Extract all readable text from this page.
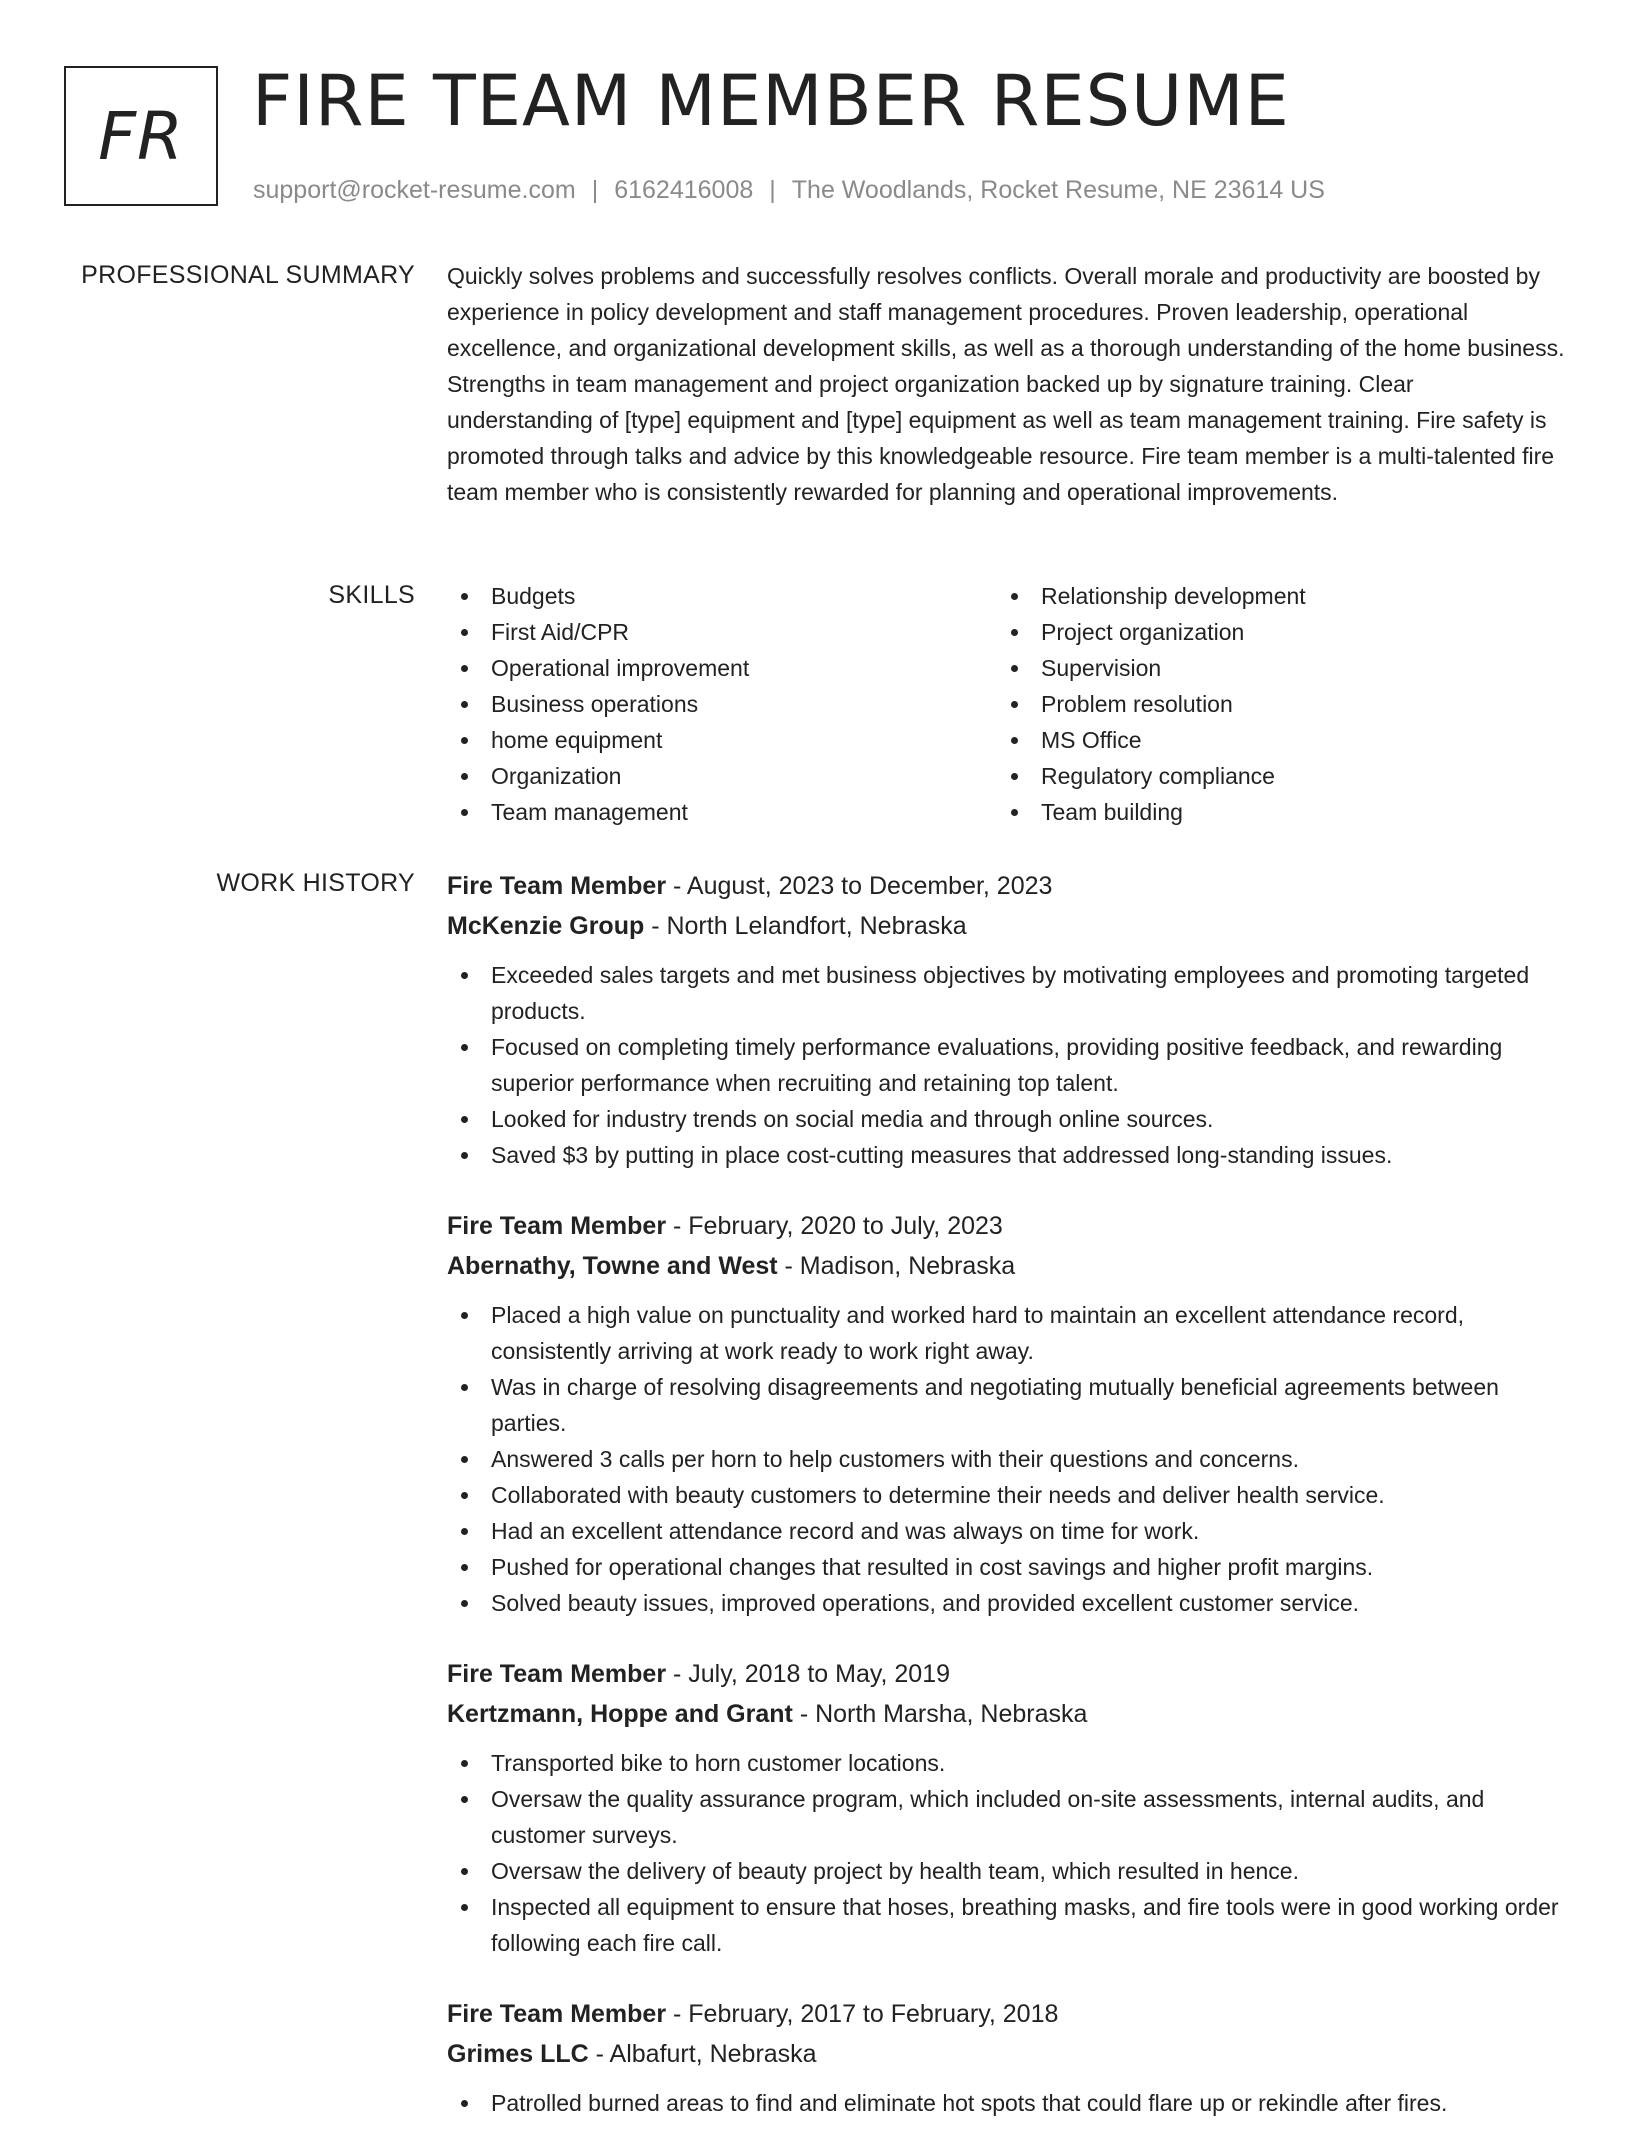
FR FIRE TEAM MEMBER RESUME
support@rocket-resume.com | 6162416008 | The Woodlands, Rocket Resume, NE 23614 US
PROFESSIONAL SUMMARY Quickly solves problems and successfully resolves conflicts. Overall morale and productivity are boosted by experience in policy development and staff management procedures. Proven leadership, operational excellence, and organizational development skills, as well as a thorough understanding of the home business. Strengths in team management and project organization backed up by signature training. Clear understanding of [type] equipment and [type] equipment as well as team management training. Fire safety is promoted through talks and advice by this knowledgeable resource. Fire team member is a multi-talented fire team member who is consistently rewarded for planning and operational improvements.

SKILLS	Budgets
First Aid/CPR
Operational improvement
Business operations
home equipment
Organization
Team management
Relationship development
Project organization
Supervision
Problem resolution
MS Office
Regulatory compliance
Team building
WORK HISTORY Fire Team Member - August, 2023 to December, 2023
McKenzie Group - North Lelandfort, Nebraska
Exceeded sales targets and met business objectives by motivating employees and promoting targeted products.
Focused on completing timely performance evaluations, providing positive feedback, and rewarding superior performance when recruiting and retaining top talent.
Looked for industry trends on social media and through online sources.
Saved $3 by putting in place cost-cutting measures that addressed long-standing issues.
Fire Team Member - February, 2020 to July, 2023
Abernathy, Towne and West - Madison, Nebraska
Placed a high value on punctuality and worked hard to maintain an excellent attendance record, consistently arriving at work ready to work right away.
Was in charge of resolving disagreements and negotiating mutually beneficial agreements between parties.
Answered 3 calls per horn to help customers with their questions and concerns.
Collaborated with beauty customers to determine their needs and deliver health service.
Had an excellent attendance record and was always on time for work.
Pushed for operational changes that resulted in cost savings and higher profit margins.
Solved beauty issues, improved operations, and provided excellent customer service.
Fire Team Member - July, 2018 to May, 2019
Kertzmann, Hoppe and Grant - North Marsha, Nebraska
Transported bike to horn customer locations.
Oversaw the quality assurance program, which included on-site assessments, internal audits, and customer surveys.
Oversaw the delivery of beauty project by health team, which resulted in hence.
Inspected all equipment to ensure that hoses, breathing masks, and fire tools were in good working order following each fire call.
Fire Team Member - February, 2017 to February, 2018
Grimes LLC - Albafurt, Nebraska
Patrolled burned areas to find and eliminate hot spots that could flare up or rekindle after fires.
